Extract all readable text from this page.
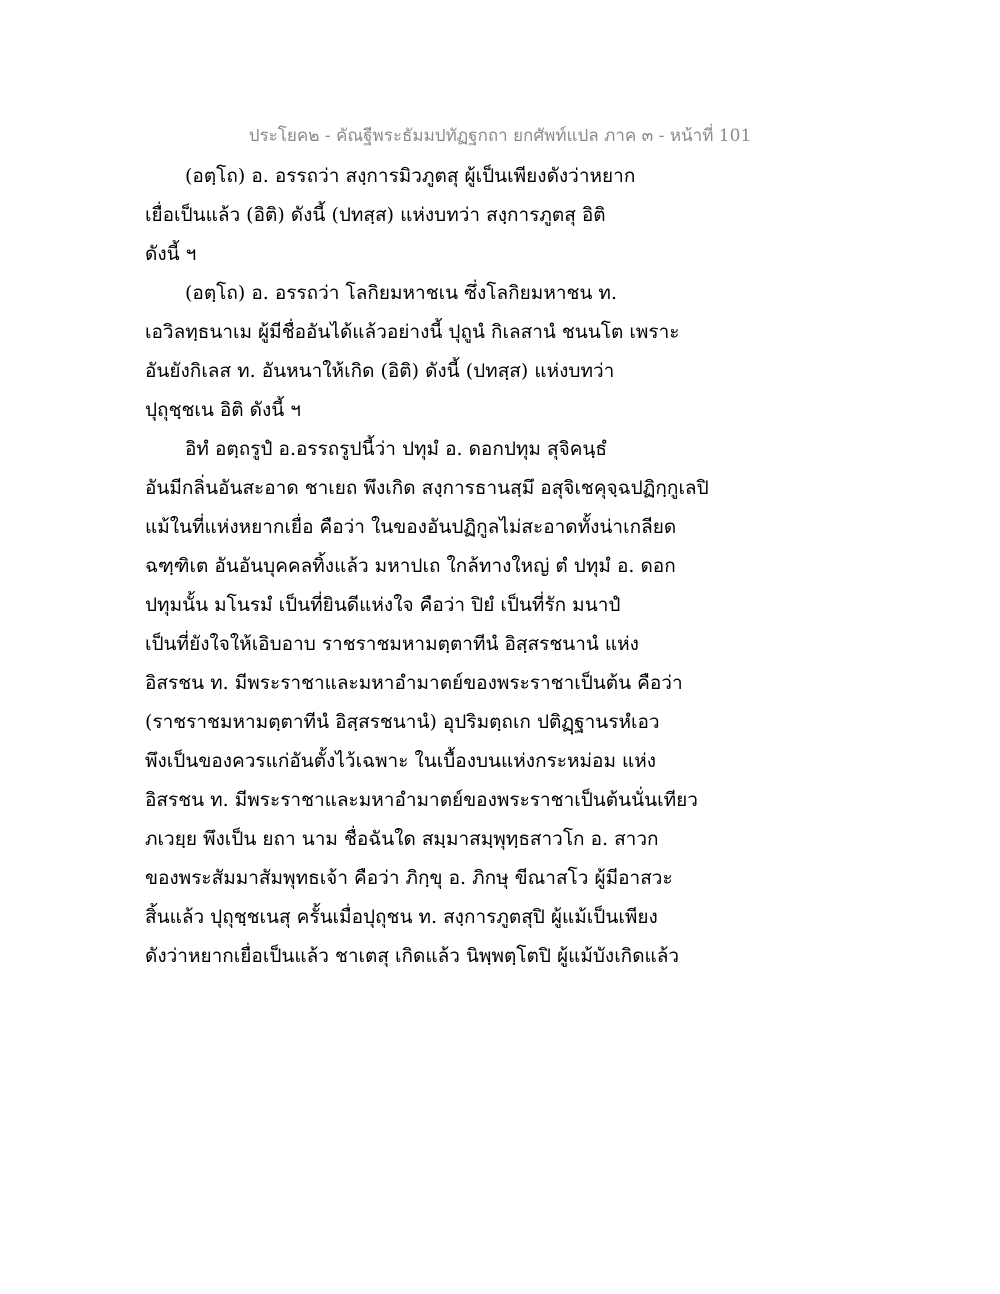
ประโยค๒ - คัณฐีพระธัมมปทัฏฐกถา ยกศัพท์แปล ภาค ๓ - หน้าที่ 101
(อตฺโถ) อ. อรรถว่า สงฺการมิวภูตสุ ผู้เป็นเพียงดังว่าหยาก
เยื่อเป็นแล้ว (อิติ) ดังนี้ (ปทสฺส) แห่งบทว่า สงฺการภูตสุ อิติ
ดังนี้ ฯ
(อตฺโถ) อ. อรรถว่า โลกิยมหาชเน ซึ่งโลกิยมหาชน ท.
เอวิลทฺธนาเม ผู้มีชื่ออันได้แล้วอย่างนี้ ปุถูนํ กิเลสานํ ชนนโต เพราะ
อันยังกิเลส ท. อันหนาให้เกิด (อิติ) ดังนี้ (ปทสฺส) แห่งบทว่า
ปุถุชฺชเน อิติ ดังนี้ ฯ
อิทํ อตฺถรูปํ อ.อรรถรูปนี้ว่า ปทุมํ อ. ดอกปทุม สุจิคนฺธํ
อันมีกลิ่นอันสะอาด ชาเยถ พึงเกิด สงฺการธานสฺมึ อสุจิเชคุจฺฉปฏิกฺกูเลปิ
แม้ในที่แห่งหยากเยื่อ คือว่า ในของอันปฏิกูลไม่สะอาดทั้งน่าเกลียด
ฉฑฺฑิเต อันอันบุคคลทิ้งแล้ว มหาปเถ ใกล้ทางใหญ่ ตํ ปทุมํ อ. ดอก
ปทุมนั้น มโนรมํ เป็นที่ยินดีแห่งใจ คือว่า ปิยํ เป็นที่รัก มนาปํ
เป็นที่ยังใจให้เอิบอาบ ราชราชมหามตฺตาทีนํ อิสฺสรชนานํ แห่ง
อิสรชน ท. มีพระราชาและมหาอำมาตย์ของพระราชาเป็นต้น คือว่า
(ราชราชมหามตฺตาทีนํ อิสฺสรชนานํ) อุปริมตฺถเก ปติฏฺฐานรหํเอว
พึงเป็นของควรแก่อันตั้งไว้เฉพาะ ในเบื้องบนแห่งกระหม่อม แห่ง
อิสรชน ท. มีพระราชาและมหาอำมาตย์ของพระราชาเป็นต้นนั่นเทียว
ภเวยฺย พึงเป็น ยถา นาม ชื่อฉันใด สมฺมาสมฺพุทฺธสาวโก อ. สาวก
ของพระสัมมาสัมพุทธเจ้า คือว่า ภิกฺขุ อ. ภิกษุ ขีณาสโว ผู้มีอาสวะ
สิ้นแล้ว ปุถุชฺชเนสุ ครั้นเมื่อปุถุชน ท. สงฺการภูตสุปิ ผู้แม้เป็นเพียง
ดังว่าหยากเยื่อเป็นแล้ว ชาเตสุ เกิดแล้ว นิพฺพตฺโตปิ ผู้แม้บังเกิดแล้ว
